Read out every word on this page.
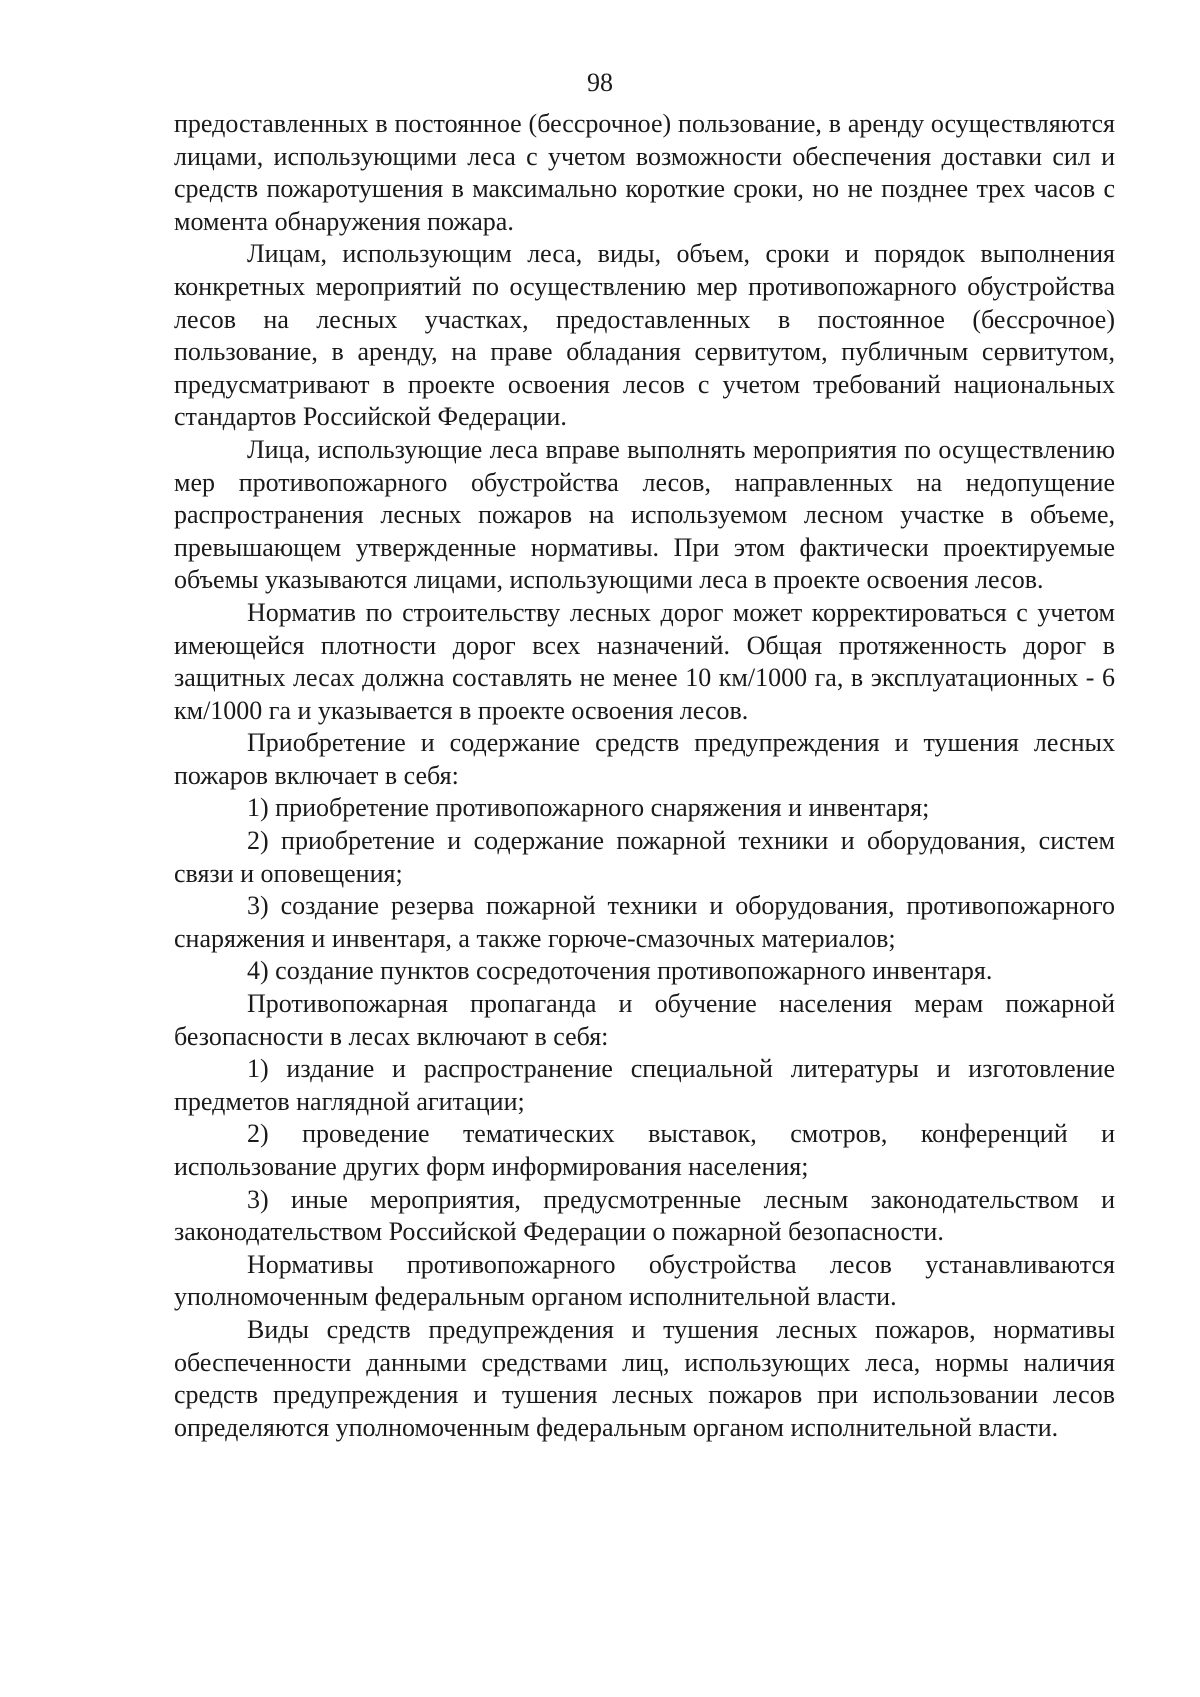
98

предоставленных в постоянное (бессрочное) пользование, в аренду осуществляются лицами, использующими леса с учетом возможности обеспечения доставки сил и средств пожаротушения в максимально короткие сроки, но не позднее трех часов с момента обнаружения пожара.

Лицам, использующим леса, виды, объем, сроки и порядок выполнения конкретных мероприятий по осуществлению мер противопожарного обустройства лесов на лесных участках, предоставленных в постоянное (бессрочное) пользование, в аренду, на праве обладания сервитутом, публичным сервитутом, предусматривают в проекте освоения лесов с учетом требований национальных стандартов Российской Федерации.

Лица, использующие леса вправе выполнять мероприятия по осуществлению мер противопожарного обустройства лесов, направленных на недопущение распространения лесных пожаров на используемом лесном участке в объеме, превышающем утвержденные нормативы. При этом фактически проектируемые объемы указываются лицами, использующими леса в проекте освоения лесов.

Норматив по строительству лесных дорог может корректироваться с учетом имеющейся плотности дорог всех назначений. Общая протяженность дорог в защитных лесах должна составлять не менее 10 км/1000 га, в эксплуатационных - 6 км/1000 га и указывается в проекте освоения лесов.

Приобретение и содержание средств предупреждения и тушения лесных пожаров включает в себя:

1) приобретение противопожарного снаряжения и инвентаря;

2) приобретение и содержание пожарной техники и оборудования, систем связи и оповещения;

3) создание резерва пожарной техники и оборудования, противопожарного снаряжения и инвентаря, а также горюче-смазочных материалов;

4) создание пунктов сосредоточения противопожарного инвентаря.

Противопожарная пропаганда и обучение населения мерам пожарной безопасности в лесах включают в себя:

1) издание и распространение специальной литературы и изготовление предметов наглядной агитации;

2) проведение тематических выставок, смотров, конференций и использование других форм информирования населения;

3) иные мероприятия, предусмотренные лесным законодательством и законодательством Российской Федерации о пожарной безопасности.

Нормативы противопожарного обустройства лесов устанавливаются уполномоченным федеральным органом исполнительной власти.

Виды средств предупреждения и тушения лесных пожаров, нормативы обеспеченности данными средствами лиц, использующих леса, нормы наличия средств предупреждения и тушения лесных пожаров при использовании лесов определяются уполномоченным федеральным органом исполнительной власти.
